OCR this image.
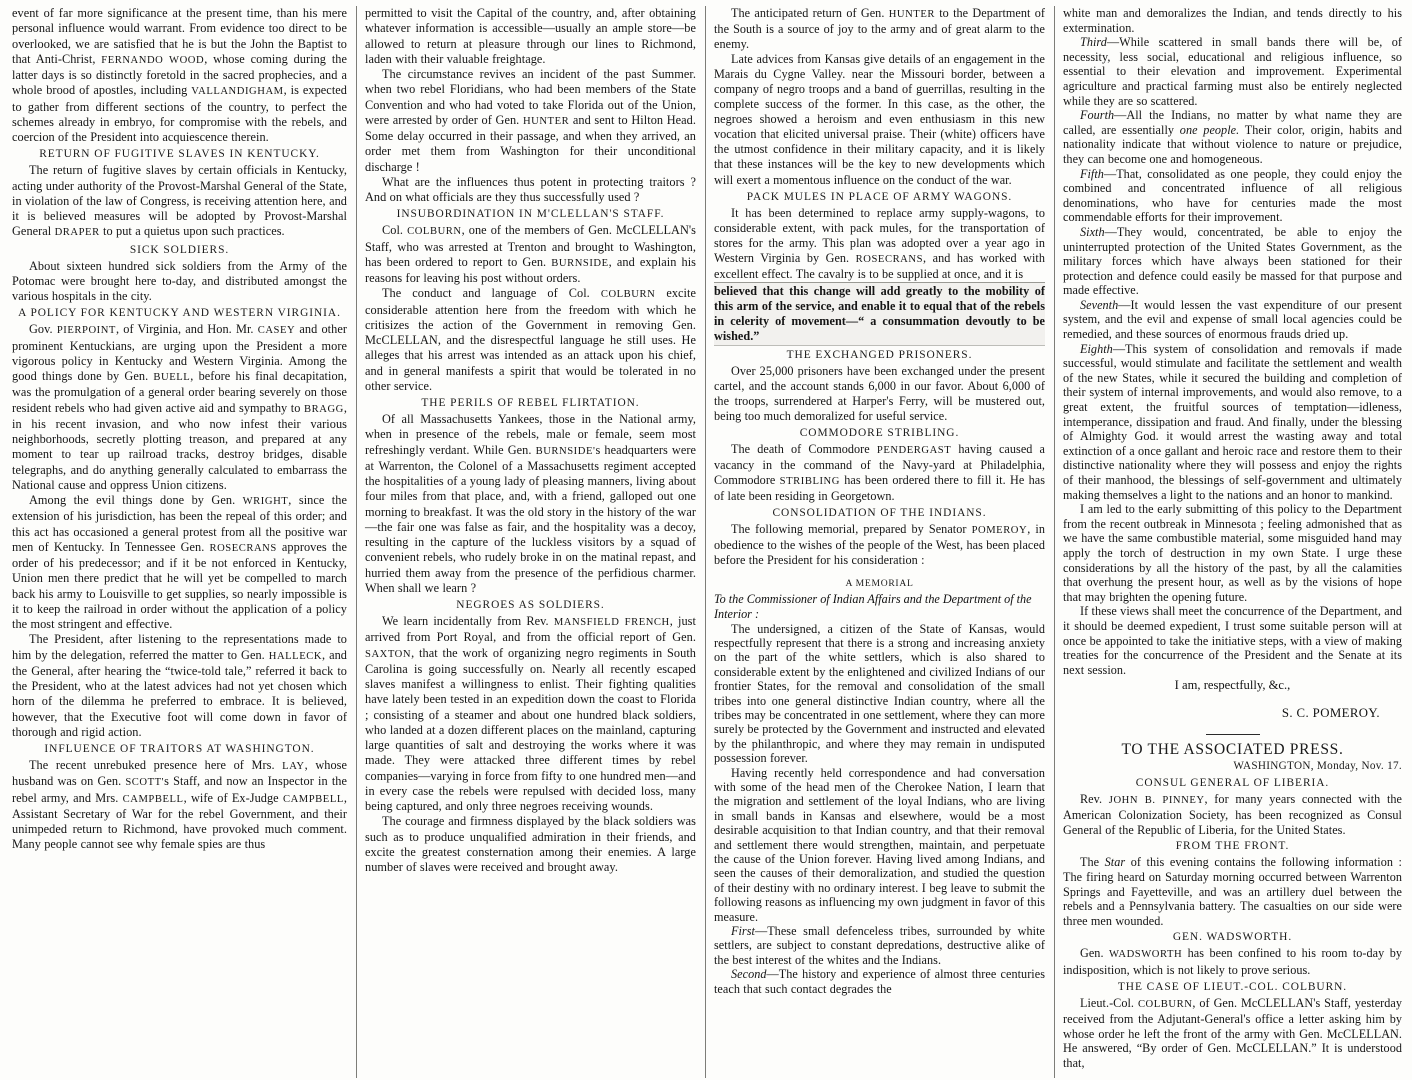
event of far more significance at the present time, than his mere personal influence would warrant. From evidence too direct to be overlooked, we are satisfied that he is but the John the Baptist to that Anti-Christ, FERNANDO WOOD, whose coming during the latter days is so distinctly foretold in the sacred prophecies, and a whole brood of apostles, including VALLANDIGHAM, is expected to gather from different sections of the country, to perfect the schemes already in embryo, for compromise with the rebels, and coercion of the President into acquiescence therein.

RETURN OF FUGITIVE SLAVES IN KENTUCKY.

The return of fugitive slaves by certain officials in Kentucky, acting under authority of the Provost-Marshal General of the State, in violation of the law of Congress, is receiving attention here, and it is believed measures will be adopted by Provost-Marshal General DRAPER to put a quietus upon such practices.

SICK SOLDIERS.

About sixteen hundred sick soldiers from the Army of the Potomac were brought here to-day, and distributed amongst the various hospitals in the city.

A POLICY FOR KENTUCKY AND WESTERN VIRGINIA.

Gov. PIERPOINT, of Virginia, and Hon. Mr. CASEY and other prominent Kentuckians, are urging upon the President a more vigorous policy in Kentucky and Western Virginia. Among the good things done by Gen. BUELL, before his final decapitation, was the promulgation of a general order bearing severely on those resident rebels who had given active aid and sympathy to BRAGG, in his recent invasion, and who now infest their various neighborhoods, secretly plotting treason, and prepared at any moment to tear up railroad tracks, destroy bridges, disable telegraphs, and do anything generally calculated to embarrass the National cause and oppress Union citizens.

Among the evil things done by Gen. WRIGHT, since the extension of his jurisdiction, has been the repeal of this order; and this act has occasioned a general protest from all the positive war men of Kentucky. In Tennessee Gen. ROSECRANS approves the order of his predecessor; and if it be not enforced in Kentucky, Union men there predict that he will yet be compelled to march back his army to Louisville to get supplies, so nearly impossible is it to keep the railroad in order without the application of a policy the most stringent and effective.

The President, after listening to the representations made to him by the delegation, referred the matter to Gen. HALLECK, and the General, after hearing the “twice-told tale,” referred it back to the President, who at the latest advices had not yet chosen which horn of the dilemma he preferred to embrace. It is believed, however, that the Executive foot will come down in favor of thorough and rigid action.

INFLUENCE OF TRAITORS AT WASHINGTON.

The recent unrebuked presence here of Mrs. LAY, whose husband was on Gen. SCOTT's Staff, and now an Inspector in the rebel army, and Mrs. CAMPBELL, wife of Ex-Judge CAMPBELL, Assistant Secretary of War for the rebel Government, and their unimpeded return to Richmond, have provoked much comment. Many people cannot see why female spies are thus

permitted to visit the Capital of the country, and, after obtaining whatever information is accessible—usually an ample store—be allowed to return at pleasure through our lines to Richmond, laden with their valuable freightage.

The circumstance revives an incident of the past Summer. when two rebel Floridians, who had been members of the State Convention and who had voted to take Florida out of the Union, were arrested by order of Gen. HUNTER and sent to Hilton Head. Some delay occurred in their passage, and when they arrived, an order met them from Washington for their unconditional discharge !

What are the influences thus potent in protecting traitors ? And on what officials are they thus successfully used ?

INSUBORDINATION IN M'CLELLAN'S STAFF.

Col. COLBURN, one of the members of Gen. McCLELLAN's Staff, who was arrested at Trenton and brought to Washington, has been ordered to report to Gen. BURNSIDE, and explain his reasons for leaving his post without orders.

The conduct and language of Col. COLBURN excite considerable attention here from the freedom with which he critisizes the action of the Government in removing Gen. McCLELLAN, and the disrespectful language he still uses. He alleges that his arrest was intended as an attack upon his chief, and in general manifests a spirit that would be tolerated in no other service.

THE PERILS OF REBEL FLIRTATION.

Of all Massachusetts Yankees, those in the National army, when in presence of the rebels, male or female, seem most refreshingly verdant. While Gen. BURNSIDE's headquarters were at Warrenton, the Colonel of a Massachusetts regiment accepted the hospitalities of a young lady of pleasing manners, living about four miles from that place, and, with a friend, galloped out one morning to breakfast. It was the old story in the history of the war—the fair one was false as fair, and the hospitality was a decoy, resulting in the capture of the luckless visitors by a squad of convenient rebels, who rudely broke in on the matinal repast, and hurried them away from the presence of the perfidious charmer. When shall we learn ?

NEGROES AS SOLDIERS.

We learn incidentally from Rev. MANSFIELD FRENCH, just arrived from Port Royal, and from the official report of Gen. SAXTON, that the work of organizing negro regiments in South Carolina is going successfully on. Nearly all recently escaped slaves manifest a willingness to enlist. Their fighting qualities have lately been tested in an expedition down the coast to Florida ; consisting of a steamer and about one hundred black soldiers, who landed at a dozen different places on the mainland, capturing large quantities of salt and destroying the works where it was made. They were attacked three different times by rebel companies—varying in force from fifty to one hundred men—and in every case the rebels were repulsed with decided loss, many being captured, and only three negroes receiving wounds.

The courage and firmness displayed by the black soldiers was such as to produce unqualified admiration in their friends, and excite the greatest consternation among their enemies. A large number of slaves were received and brought away.

The anticipated return of Gen. HUNTER to the Department of the South is a source of joy to the army and of great alarm to the enemy.

Late advices from Kansas give details of an engagement in the Marais du Cygne Valley. near the Missouri border, between a company of negro troops and a band of guerrillas, resulting in the complete success of the former. In this case, as the other, the negroes showed a heroism and even enthusiasm in this new vocation that elicited universal praise. Their (white) officers have the utmost confidence in their military capacity, and it is likely that these instances will be the key to new developments which will exert a momentous influence on the conduct of the war.

PACK MULES IN PLACE OF ARMY WAGONS.

It has been determined to replace army supply-wagons, to considerable extent, with pack mules, for the transportation of stores for the army. This plan was adopted over a year ago in Western Virginia by Gen. ROSECRANS, and has worked with excellent effect. The cavalry is to be supplied at once, and it is

believed that this change will add greatly to the mobility of this arm of the service, and enable it to equal that of the rebels in celerity of movement—“ a consummation devoutly to be wished.”

THE EXCHANGED PRISONERS.

Over 25,000 prisoners have been exchanged under the present cartel, and the account stands 6,000 in our favor. About 6,000 of the troops, surrendered at Harper's Ferry, will be mustered out, being too much demoralized for useful service.

COMMODORE STRIBLING.

The death of Commodore PENDERGAST having caused a vacancy in the command of the Navy-yard at Philadelphia, Commodore STRIBLING has been ordered there to fill it. He has of late been residing in Georgetown.

CONSOLIDATION OF THE INDIANS.

The following memorial, prepared by Senator POMEROY, in obedience to the wishes of the people of the West, has been placed before the President for his consideration :

A MEMORIAL

To the Commissioner of Indian Affairs and the Department of the Interior :

The undersigned, a citizen of the State of Kansas, would respectfully represent that there is a strong and increasing anxiety on the part of the white settlers, which is also shared to considerable extent by the enlightened and civilized Indians of our frontier States, for the removal and consolidation of the small tribes into one general distinctive Indian country, where all the tribes may be concentrated in one settlement, where they can more surely be protected by the Government and instructed and elevated by the philanthropic, and where they may remain in undisputed possession forever.

Having recently held correspondence and had conversation with some of the head men of the Cherokee Nation, I learn that the migration and settlement of the loyal Indians, who are living in small bands in Kansas and elsewhere, would be a most desirable acquisition to that Indian country, and that their removal and settlement there would strengthen, maintain, and perpetuate the cause of the Union forever. Having lived among Indians, and seen the causes of their demoralization, and studied the question of their destiny with no ordinary interest. I beg leave to submit the following reasons as influencing my own judgment in favor of this measure.

First—These small defenceless tribes, surrounded by white settlers, are subject to constant depredations, destructive alike of the best interest of the whites and the Indians.

Second—The history and experience of almost three centuries teach that such contact degrades the

white man and demoralizes the Indian, and tends directly to his extermination.

Third—While scattered in small bands there will be, of necessity, less social, educational and religious influence, so essential to their elevation and improvement. Experimental agriculture and practical farming must also be entirely neglected while they are so scattered.

Fourth—All the Indians, no matter by what name they are called, are essentially one people. Their color, origin, habits and nationality indicate that without violence to nature or prejudice, they can become one and homogeneous.

Fifth—That, consolidated as one people, they could enjoy the combined and concentrated influence of all religious denominations, who have for centuries made the most commendable efforts for their improvement.

Sixth—They would, concentrated, be able to enjoy the uninterrupted protection of the United States Government, as the military forces which have always been stationed for their protection and defence could easily be massed for that purpose and made effective.

Seventh—It would lessen the vast expenditure of our present system, and the evil and expense of small local agencies could be remedied, and these sources of enormous frauds dried up.

Eighth—This system of consolidation and removals if made successful, would stimulate and facilitate the settlement and wealth of the new States, while it secured the building and completion of their system of internal improvements, and would also remove, to a great extent, the fruitful sources of temptation—idleness, intemperance, dissipation and fraud. And finally, under the blessing of Almighty God. it would arrest the wasting away and total extinction of a once gallant and heroic race and restore them to their distinctive nationality where they will possess and enjoy the rights of their manhood, the blessings of self-government and ultimately making themselves a light to the nations and an honor to mankind.

I am led to the early submitting of this policy to the Department from the recent outbreak in Minnesota ; feeling admonished that as we have the same combustible material, some misguided hand may apply the torch of destruction in my own State. I urge these considerations by all the history of the past, by all the calamities that overhung the present hour, as well as by the visions of hope that may brighten the opening future.

If these views shall meet the concurrence of the Department, and it should be deemed expedient, I trust some suitable person will at once be appointed to take the initiative steps, with a view of making treaties for the concurrence of the President and the Senate at its next session.

I am, respectfully, &c.,

S. C. POMEROY.

TO THE ASSOCIATED PRESS.
WASHINGTON, Monday, Nov. 17.
CONSUL GENERAL OF LIBERIA.

Rev. JOHN B. PINNEY, for many years connected with the American Colonization Society, has been recognized as Consul General of the Republic of Liberia, for the United States.

FROM THE FRONT.

The Star of this evening contains the following information : The firing heard on Saturday morning occurred between Warrenton Springs and Fayetteville, and was an artillery duel between the rebels and a Pennsylvania battery. The casualties on our side were three men wounded.

GEN. WADSWORTH.

Gen. WADSWORTH has been confined to his room to-day by indisposition, which is not likely to prove serious.

THE CASE OF LIEUT.-COL. COLBURN.

Lieut.-Col. COLBURN, of Gen. McCLELLAN's Staff, yesterday received from the Adjutant-General's office a letter asking him by whose order he left the front of the army with Gen. McCLELLAN. He answered, “By order of Gen. McCLELLAN.” It is understood that,
